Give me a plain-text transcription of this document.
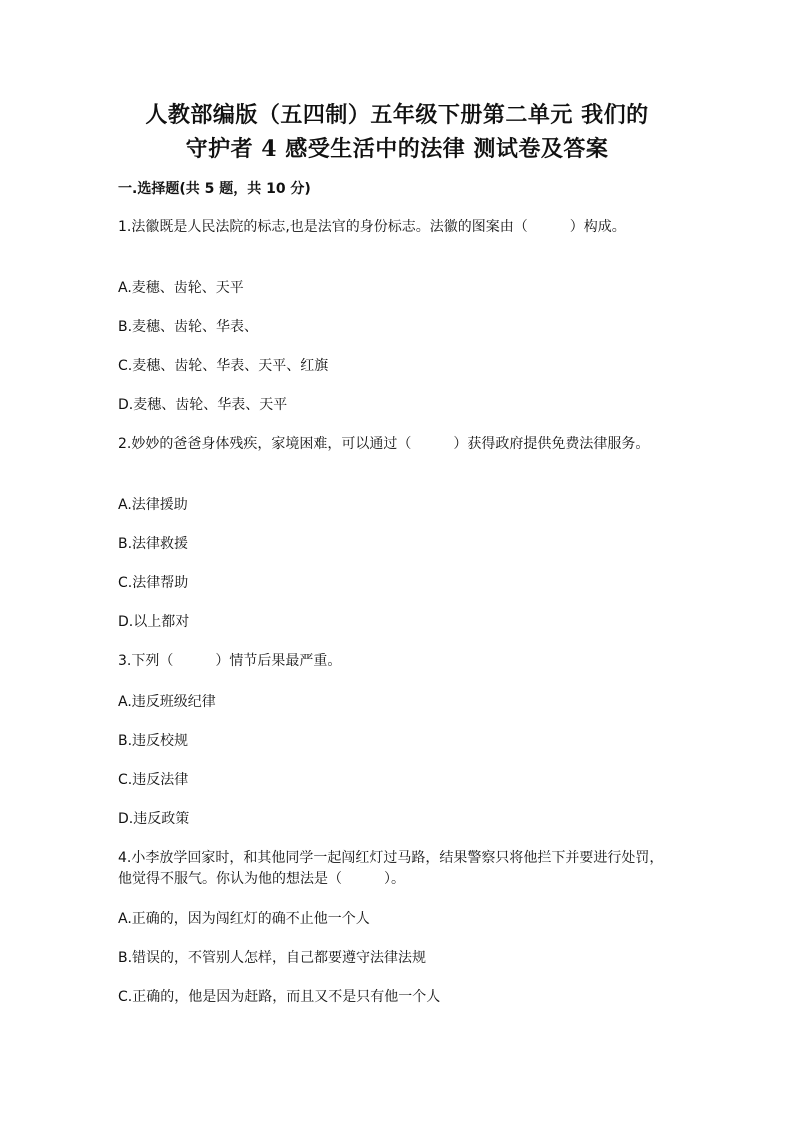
人教部编版（五四制）五年级下册第二单元 我们的
守护者 4 感受生活中的法律 测试卷及答案
一.选择题(共 5 题，共 10 分)
1.法徽既是人民法院的标志,也是法官的身份标志。法徽的图案由（　　　）构成。
A.麦穗、齿轮、天平
B.麦穗、齿轮、华表、
C.麦穗、齿轮、华表、天平、红旗
D.麦穗、齿轮、华表、天平
2.妙妙的爸爸身体残疾，家境困难，可以通过（　　　）获得政府提供免费法律服务。
A.法律援助
B.法律救援
C.法律帮助
D.以上都对
3.下列（　　　）情节后果最严重。
A.违反班级纪律
B.违反校规
C.违反法律
D.违反政策
4.小李放学回家时，和其他同学一起闯红灯过马路，结果警察只将他拦下并要进行处罚，他觉得不服气。你认为他的想法是（　　　）。
A.正确的，因为闯红灯的确不止他一个人
B.错误的，不管别人怎样，自己都要遵守法律法规
C.正确的，他是因为赶路，而且又不是只有他一个人
